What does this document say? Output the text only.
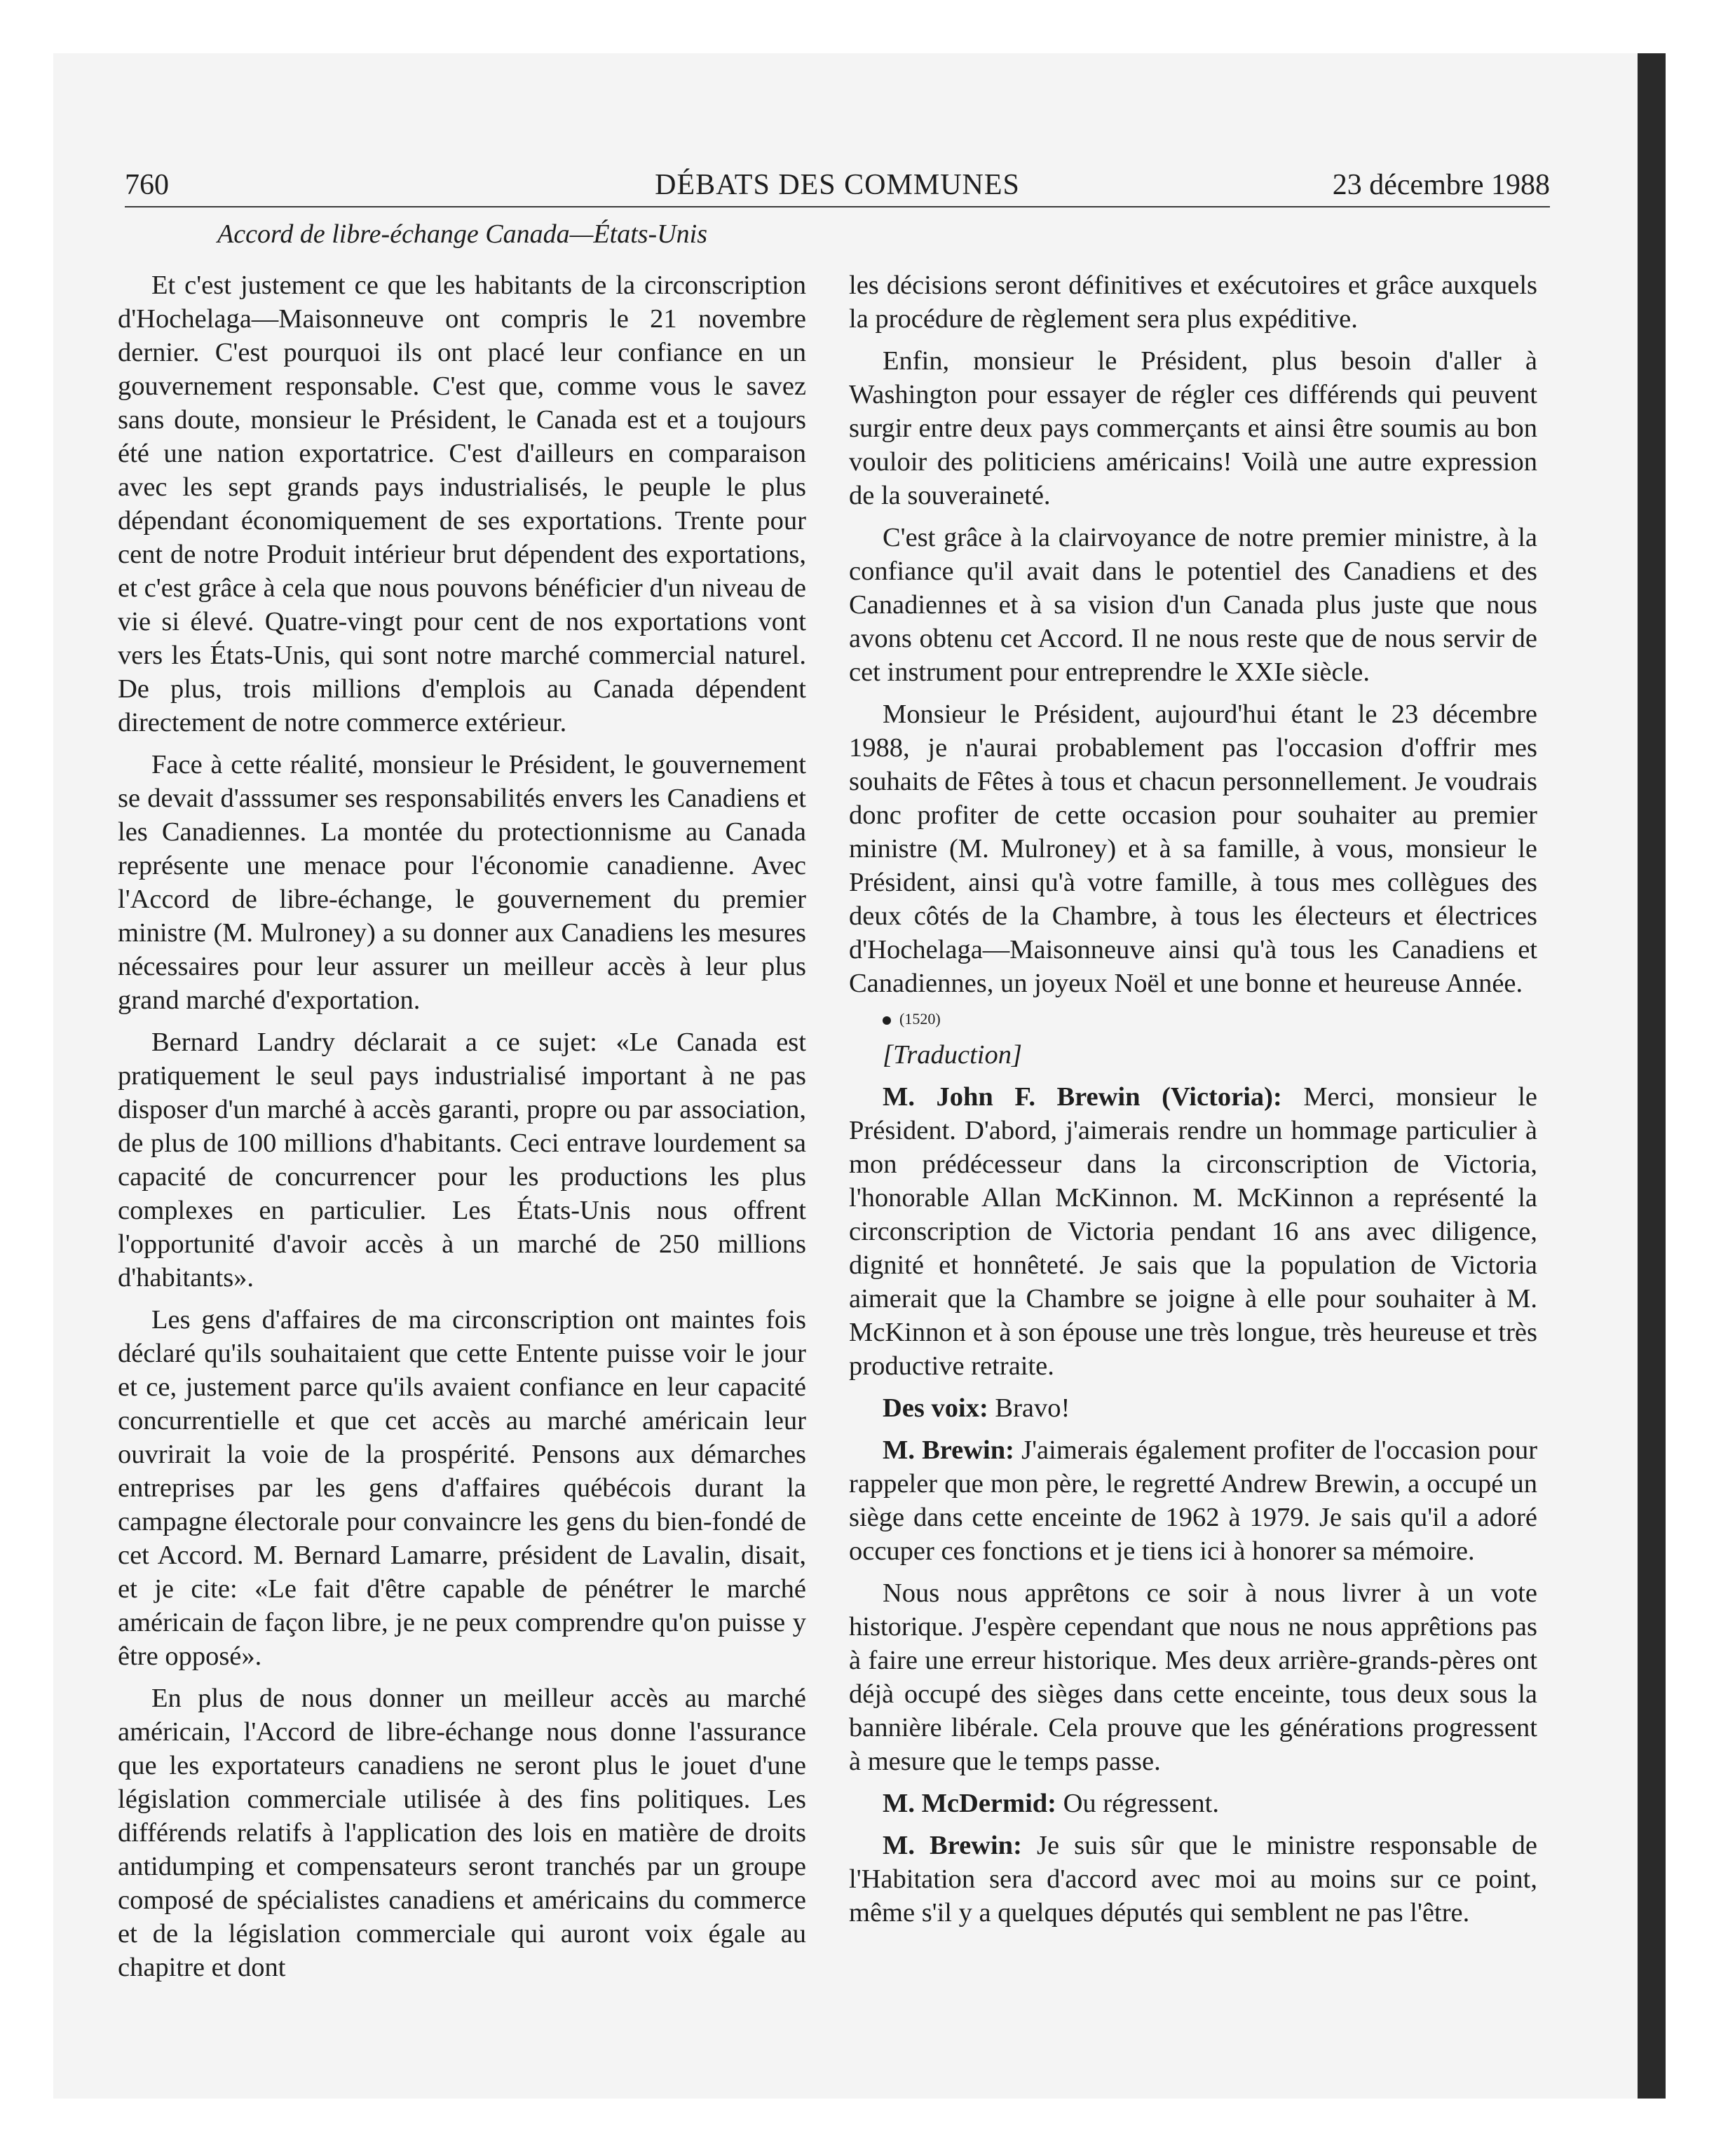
760	DÉBATS DES COMMUNES	23 décembre 1988
Accord de libre-échange Canada—États-Unis

Et c'est justement ce que les habitants de la circonscription d'Hochelaga—Maisonneuve ont compris le 21 novembre dernier. C'est pourquoi ils ont placé leur confiance en un gouvernement responsable. C'est que, comme vous le savez sans doute, monsieur le Président, le Canada est et a toujours été une nation exportatrice. C'est d'ailleurs en comparaison avec les sept grands pays industrialisés, le peuple le plus dépendant économiquement de ses exportations. Trente pour cent de notre Produit intérieur brut dépendent des exportations, et c'est grâce à cela que nous pouvons bénéficier d'un niveau de vie si élevé. Quatre-vingt pour cent de nos exportations vont vers les États-Unis, qui sont notre marché commercial naturel. De plus, trois millions d'emplois au Canada dépendent directement de notre commerce extérieur.

Face à cette réalité, monsieur le Président, le gouvernement se devait d'asssumer ses responsabilités envers les Canadiens et les Canadiennes. La montée du protectionnisme au Canada représente une menace pour l'économie canadienne. Avec l'Accord de libre-échange, le gouvernement du premier ministre (M. Mulroney) a su donner aux Canadiens les mesures nécessaires pour leur assurer un meilleur accès à leur plus grand marché d'exportation.

Bernard Landry déclarait a ce sujet: «Le Canada est pratiquement le seul pays industrialisé important à ne pas disposer d'un marché à accès garanti, propre ou par association, de plus de 100 millions d'habitants. Ceci entrave lourdement sa capacité de concurrencer pour les productions les plus complexes en particulier. Les États-Unis nous offrent l'opportunité d'avoir accès à un marché de 250 millions d'habitants».

Les gens d'affaires de ma circonscription ont maintes fois déclaré qu'ils souhaitaient que cette Entente puisse voir le jour et ce, justement parce qu'ils avaient confiance en leur capacité concurrentielle et que cet accès au marché américain leur ouvrirait la voie de la prospérité. Pensons aux démarches entreprises par les gens d'affaires québécois durant la campagne électorale pour convaincre les gens du bien-fondé de cet Accord. M. Bernard Lamarre, président de Lavalin, disait, et je cite: «Le fait d'être capable de pénétrer le marché américain de façon libre, je ne peux comprendre qu'on puisse y être opposé».

En plus de nous donner un meilleur accès au marché américain, l'Accord de libre-échange nous donne l'assurance que les exportateurs canadiens ne seront plus le jouet d'une législation commerciale utilisée à des fins politiques. Les différends relatifs à l'application des lois en matière de droits antidumping et compensateurs seront tranchés par un groupe composé de spécialistes canadiens et américains du commerce et de la législation commerciale qui auront voix égale au chapitre et dont

les décisions seront définitives et exécutoires et grâce auxquels la procédure de règlement sera plus expéditive.

Enfin, monsieur le Président, plus besoin d'aller à Washington pour essayer de régler ces différends qui peuvent surgir entre deux pays commerçants et ainsi être soumis au bon vouloir des politiciens américains! Voilà une autre expression de la souveraineté.

C'est grâce à la clairvoyance de notre premier ministre, à la confiance qu'il avait dans le potentiel des Canadiens et des Canadiennes et à sa vision d'un Canada plus juste que nous avons obtenu cet Accord. Il ne nous reste que de nous servir de cet instrument pour entreprendre le XXIe siècle.

Monsieur le Président, aujourd'hui étant le 23 décembre 1988, je n'aurai probablement pas l'occasion d'offrir mes souhaits de Fêtes à tous et chacun personnellement. Je voudrais donc profiter de cette occasion pour souhaiter au premier ministre (M. Mulroney) et à sa famille, à vous, monsieur le Président, ainsi qu'à votre famille, à tous mes collègues des deux côtés de la Chambre, à tous les électeurs et électrices d'Hochelaga—Maisonneuve ainsi qu'à tous les Canadiens et Canadiennes, un joyeux Noël et une bonne et heureuse Année.

(1520)

[Traduction]

M. John F. Brewin (Victoria): Merci, monsieur le Président. D'abord, j'aimerais rendre un hommage particulier à mon prédécesseur dans la circonscription de Victoria, l'honorable Allan McKinnon. M. McKinnon a représenté la circonscription de Victoria pendant 16 ans avec diligence, dignité et honnêteté. Je sais que la population de Victoria aimerait que la Chambre se joigne à elle pour souhaiter à M. McKinnon et à son épouse une très longue, très heureuse et très productive retraite.

Des voix: Bravo!

M. Brewin: J'aimerais également profiter de l'occasion pour rappeler que mon père, le regretté Andrew Brewin, a occupé un siège dans cette enceinte de 1962 à 1979. Je sais qu'il a adoré occuper ces fonctions et je tiens ici à honorer sa mémoire.

Nous nous apprêtons ce soir à nous livrer à un vote historique. J'espère cependant que nous ne nous apprêtions pas à faire une erreur historique. Mes deux arrière-grands-pères ont déjà occupé des sièges dans cette enceinte, tous deux sous la bannière libérale. Cela prouve que les générations progressent à mesure que le temps passe.

M. McDermid: Ou régressent.

M. Brewin: Je suis sûr que le ministre responsable de l'Habitation sera d'accord avec moi au moins sur ce point, même s'il y a quelques députés qui semblent ne pas l'être.
